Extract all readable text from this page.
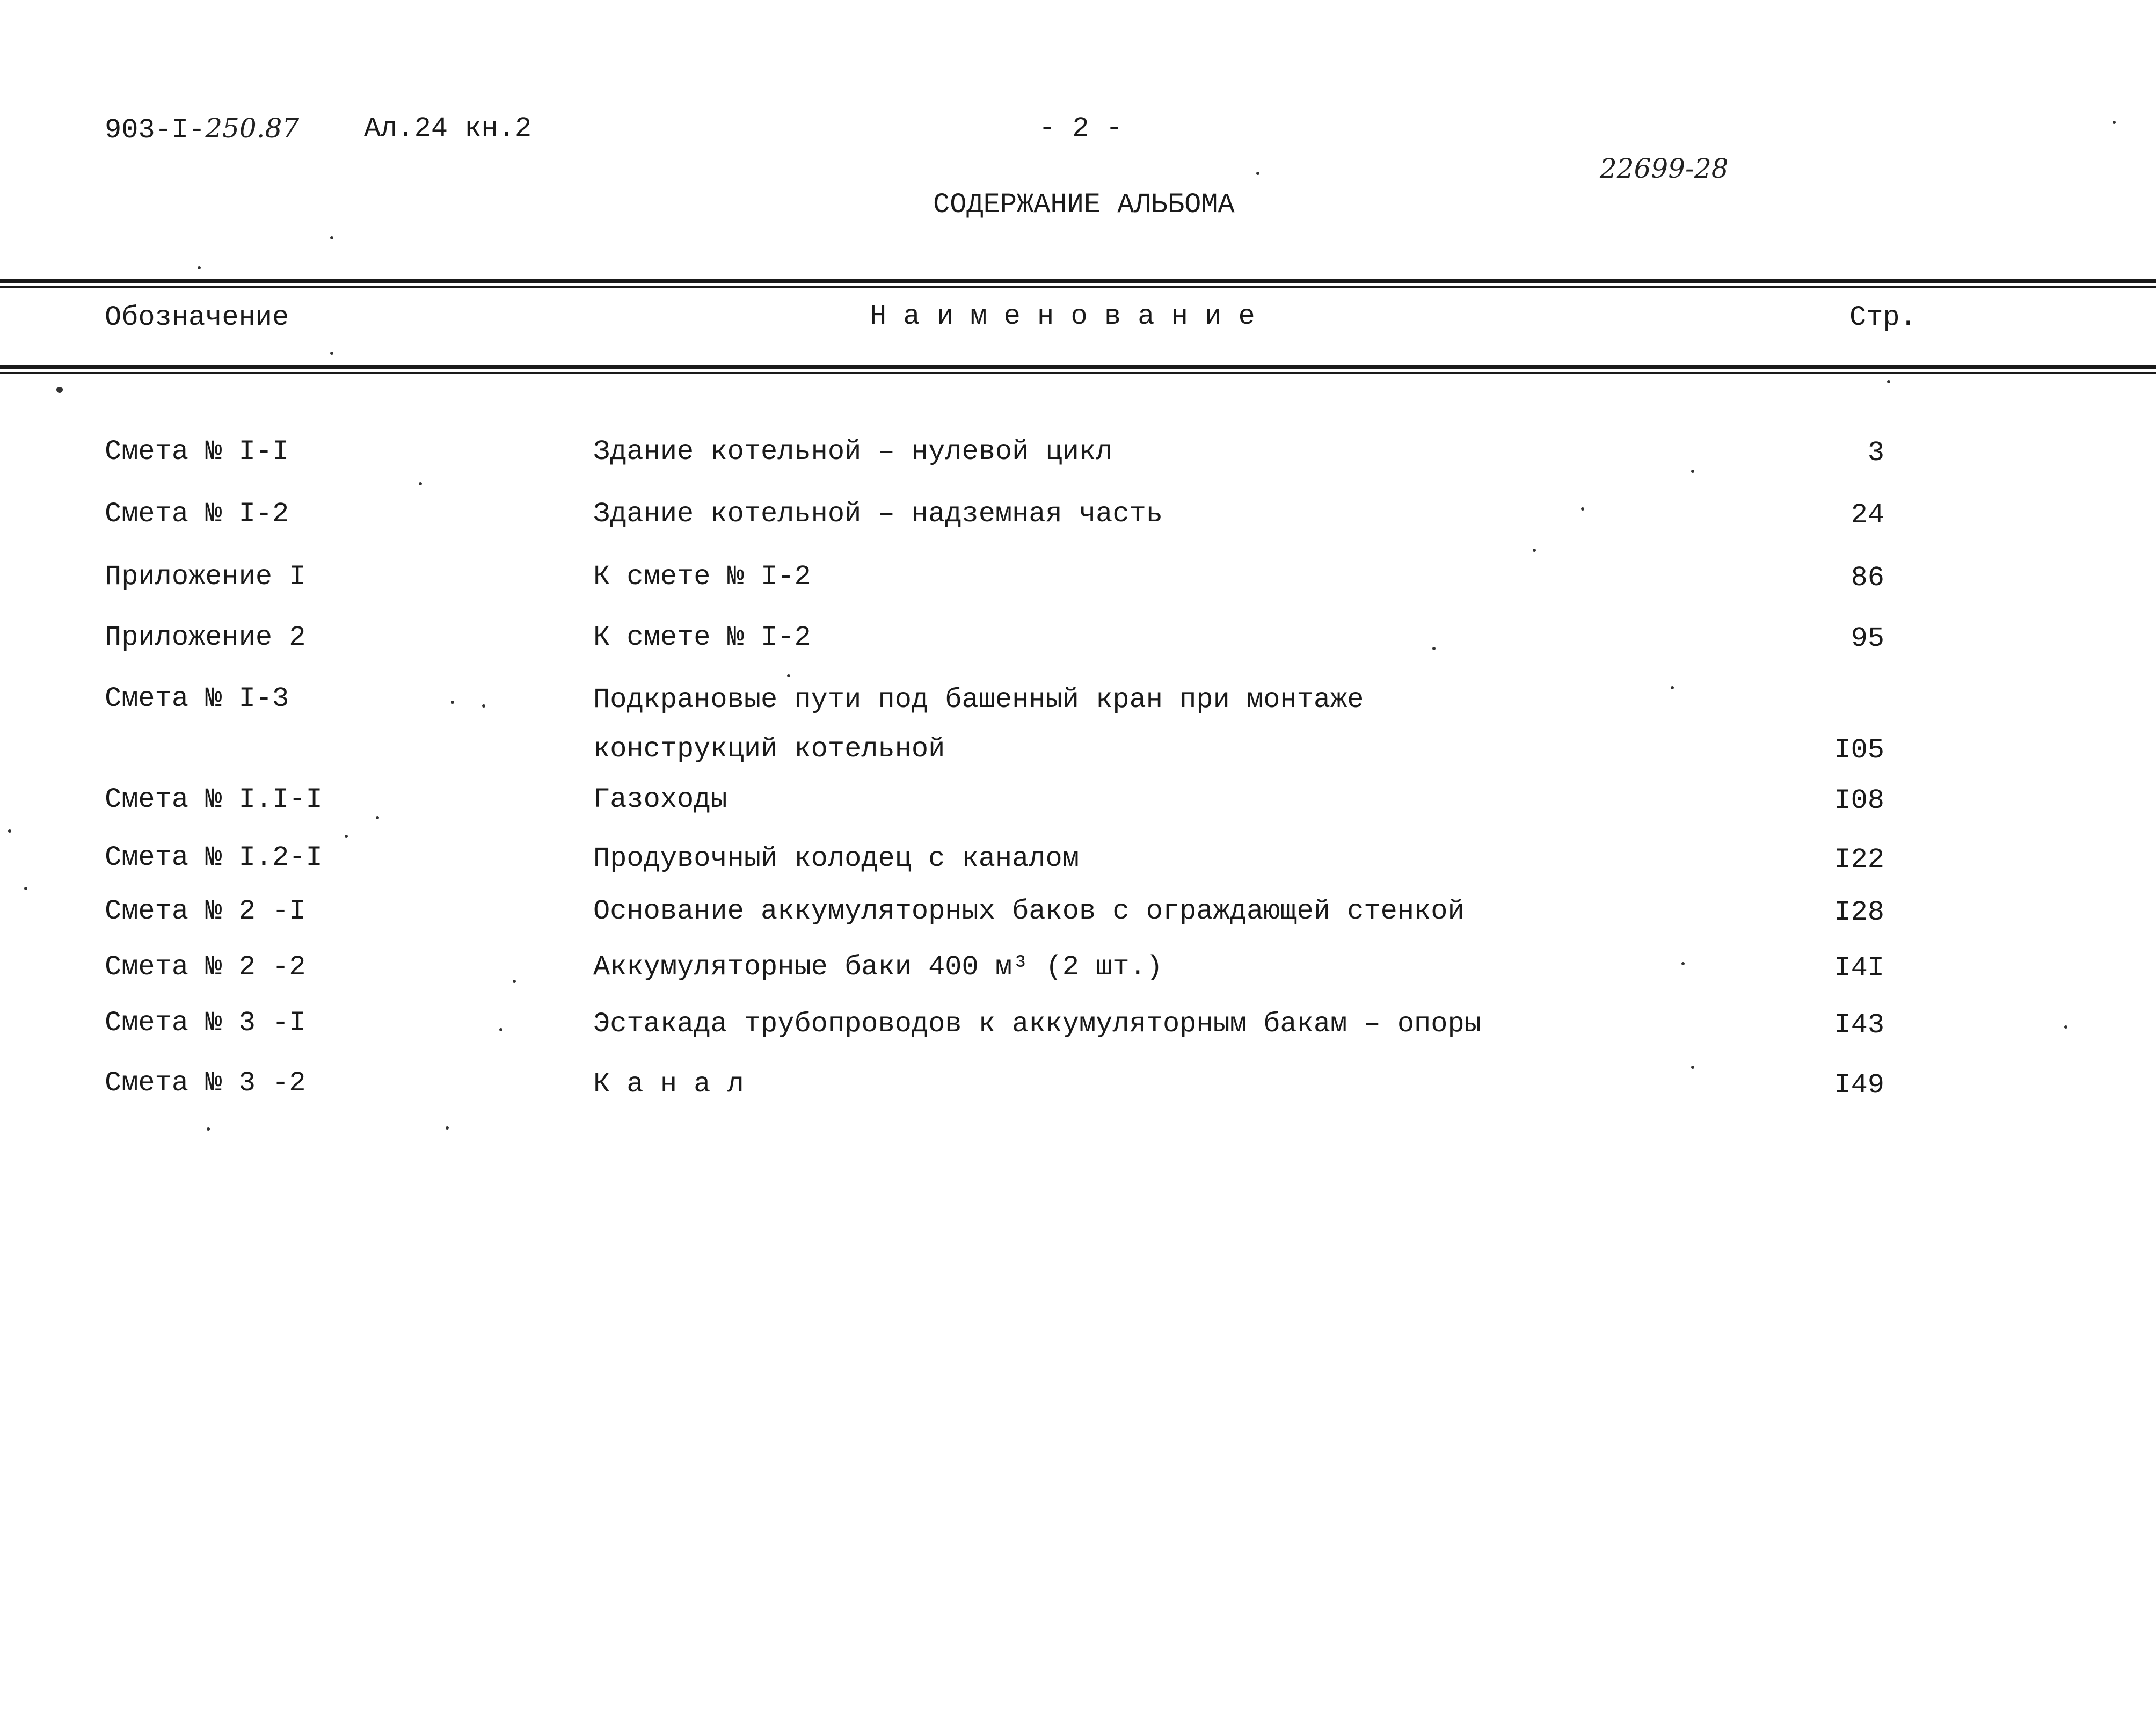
903-I-250.87 Ал.24 кн.2	- 2 -
22699-28
СОДЕРЖАНИЕ АЛЬБОМА
Обозначение	Н а и м е н о в а н и е	Стр.
Смета № I-I	Здание котельной – нулевой цикл	3
Смета № I-2	Здание котельной – надземная часть	24
Приложение I	К смете № I-2	86
Приложение 2	К смете № I-2	95
Смета № I-3	Подкрановые пути под башенный кран при монтаже
конструкций котельной	I05
Смета № I.I-I	Газоходы	I08
Смета № I.2-I	Продувочный колодец с каналом	I22
Смета № 2 -I	Основание аккумуляторных баков с ограждающей стенкой	I28
Смета № 2 -2	Аккумуляторные баки 400 м³ (2 шт.)	I4I
Смета № 3 -I	Эстакада трубопроводов к аккумуляторным бакам – опоры	I43
Смета № 3 -2	К а н а л	I49
